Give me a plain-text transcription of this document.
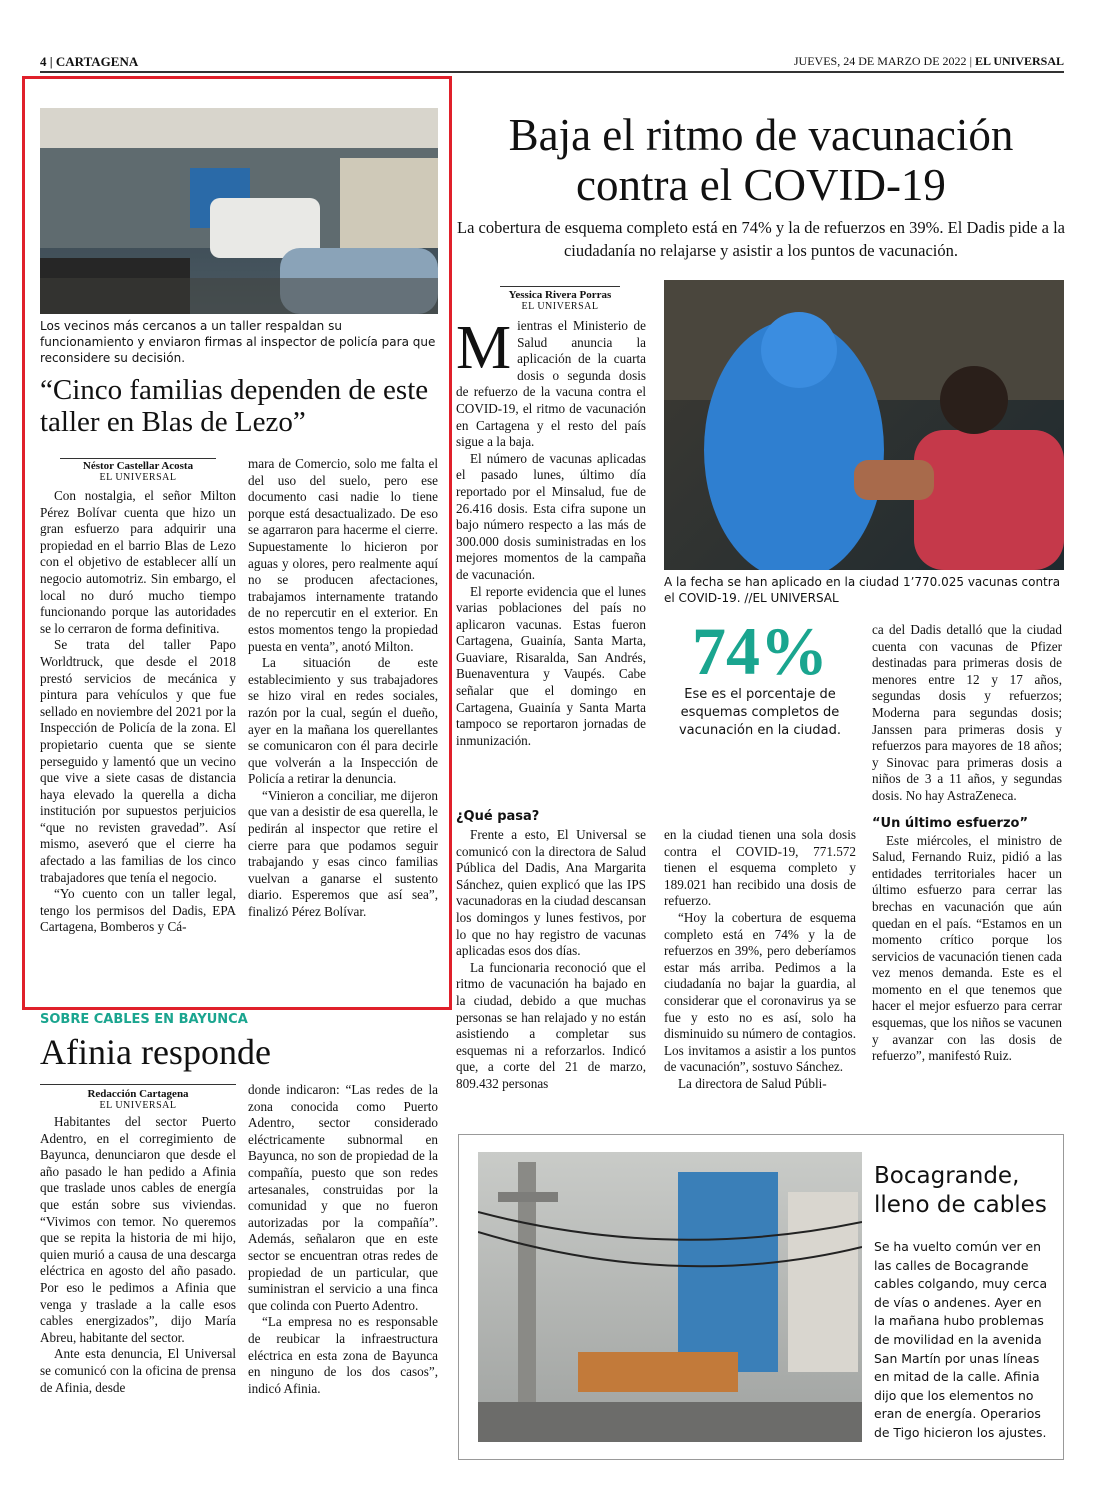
4 | CARTAGENA	JUEVES, 24 DE MARZO DE 2022 | EL UNIVERSAL
Los vecinos más cercanos a un taller respaldan su funcionamiento y enviaron firmas al inspector de policía para que reconsidere su decisión.
“Cinco familias dependen de este taller en Blas de Lezo”
Néstor Castellar Acosta
EL UNIVERSAL

Con nostalgia, el señor Milton Pérez Bolívar cuenta que hizo un gran esfuerzo para adquirir una propiedad en el barrio Blas de Lezo con el objetivo de establecer allí un negocio automotriz. Sin embargo, el local no duró mucho tiempo funcionando porque las autoridades se lo cerraron de forma definitiva.

Se trata del taller Papo Worldtruck, que desde el 2018 prestó servicios de mecánica y pintura para vehículos y que fue sellado en noviembre del 2021 por la Inspección de Policía de la zona. El propietario cuenta que se siente perseguido y lamentó que un vecino que vive a siete casas de distancia haya elevado la querella a dicha institución por supuestos perjuicios “que no revisten gravedad”. Así mismo, aseveró que el cierre ha afectado a las familias de los cinco trabajadores que tenía el negocio.

“Yo cuento con un taller legal, tengo los permisos del Dadis, EPA Cartagena, Bomberos y Cá-

mara de Comercio, solo me falta el del uso del suelo, pero ese documento casi nadie lo tiene porque está desactualizado. De eso se agarraron para hacerme el cierre. Supuestamente lo hicieron por aguas y olores, pero realmente aquí no se producen afectaciones, trabajamos internamente tratando de no repercutir en el exterior. En estos momentos tengo la propiedad puesta en venta”, anotó Milton.

La situación de este establecimiento y sus trabajadores se hizo viral en redes sociales, razón por la cual, según el dueño, ayer en la mañana los querellantes se comunicaron con él para decirle que volverán a la Inspección de Policía a retirar la denuncia.

“Vinieron a conciliar, me dijeron que van a desistir de esa querella, le pedirán al inspector que retire el cierre para que podamos seguir trabajando y esas cinco familias vuelvan a ganarse el sustento diario. Esperemos que así sea”, finalizó Pérez Bolívar.

Baja el ritmo de vacunación
contra el COVID-19
La cobertura de esquema completo está en 74% y la de refuerzos en 39%. El Dadis pide a la ciudadanía no relajarse y asistir a los puntos de vacunación.
Yessica Rivera Porras
EL UNIVERSAL
M ientras el Ministerio de Salud anuncia la aplicación de la cuarta dosis o segunda dosis de refuerzo de la vacuna contra el COVID-19, el ritmo de vacunación en Cartagena y el resto del país sigue a la baja.

El número de vacunas aplicadas el pasado lunes, último día reportado por el Minsalud, fue de 26.416 dosis. Esta cifra supone un bajo número respecto a las más de 300.000 dosis suministradas en los mejores momentos de la campaña de vacunación.

El reporte evidencia que el lunes varias poblaciones del país no aplicaron vacunas. Estas fueron Cartagena, Guainía, Santa Marta, Guaviare, Risaralda, San Andrés, Buenaventura y Vaupés. Cabe señalar que el domingo en Cartagena, Guainía y Santa Marta tampoco se reportaron jornadas de inmunización.

A la fecha se han aplicado en la ciudad 1’770.025 vacunas contra el COVID-19. //EL UNIVERSAL
74%
Ese es el porcentaje de esquemas completos de vacunación en la ciudad.

ca del Dadis detalló que la ciudad cuenta con vacunas de Pfizer destinadas para primeras dosis de menores entre 12 y 17 años, segundas dosis y refuerzos; Moderna para segundas dosis; Janssen para primeras dosis y refuerzos para mayores de 18 años; y Sinovac para primeras dosis a niños de 3 a 11 años, y segundas dosis. No hay AstraZeneca.

“Un último esfuerzo”

Este miércoles, el ministro de Salud, Fernando Ruiz, pidió a las entidades territoriales hacer un último esfuerzo para cerrar las brechas en vacunación que aún quedan en el país. “Estamos en un momento crítico porque los servicios de vacunación tienen cada vez menos demanda. Este es el momento en el que tenemos que hacer el mejor esfuerzo para cerrar esquemas, que los niños se vacunen y avanzar con las dosis de refuerzo”, manifestó Ruiz.

¿Qué pasa?

Frente a esto, El Universal se comunicó con la directora de Salud Pública del Dadis, Ana Margarita Sánchez, quien explicó que las IPS vacunadoras en la ciudad descansan los domingos y lunes festivos, por lo que no hay registro de vacunas aplicadas esos dos días.

La funcionaria reconoció que el ritmo de vacunación ha bajado en la ciudad, debido a que muchas personas se han relajado y no están asistiendo a completar sus esquemas ni a reforzarlos. Indicó que, a corte del 21 de marzo, 809.432 personas

en la ciudad tienen una sola dosis contra el COVID-19, 771.572 tienen el esquema completo y 189.021 han recibido una dosis de refuerzo.

“Hoy la cobertura de esquema completo está en 74% y la de refuerzos en 39%, pero deberíamos estar más arriba. Pedimos a la ciudadanía no bajar la guardia, al considerar que el coronavirus ya se fue y esto no es así, solo ha disminuido su número de contagios. Los invitamos a asistir a los puntos de vacunación”, sostuvo Sánchez.

La directora de Salud Públi-

SOBRE CABLES EN BAYUNCA
Afinia responde
Redacción Cartagena
EL UNIVERSAL

Habitantes del sector Puerto Adentro, en el corregimiento de Bayunca, denunciaron que desde el año pasado le han pedido a Afinia que traslade unos cables de energía que están sobre sus viviendas. “Vivimos con temor. No queremos que se repita la historia de mi hijo, quien murió a causa de una descarga eléctrica en agosto del año pasado. Por eso le pedimos a Afinia que venga y traslade a la calle esos cables energizados”, dijo María Abreu, habitante del sector.

Ante esta denuncia, El Universal se comunicó con la oficina de prensa de Afinia, desde

donde indicaron: “Las redes de la zona conocida como Puerto Adentro, sector considerado eléctricamente subnormal en Bayunca, no son de propiedad de la compañía, puesto que son redes artesanales, construidas por la comunidad y que no fueron autorizadas por la compañía”. Además, señalaron que en este sector se encuentran otras redes de propiedad de un particular, que suministran el servicio a una finca que colinda con Puerto Adentro.

“La empresa no es responsable de reubicar la infraestructura eléctrica en esta zona de Bayunca en ninguno de los dos casos”, indicó Afinia.

Bocagrande, lleno de cables
Se ha vuelto común ver en las calles de Bocagrande cables colgando, muy cerca de vías o andenes. Ayer en la mañana hubo problemas de movilidad en la avenida San Martín por unas líneas en mitad de la calle. Afinia dijo que los elementos no eran de energía. Operarios de Tigo hicieron los ajustes.
